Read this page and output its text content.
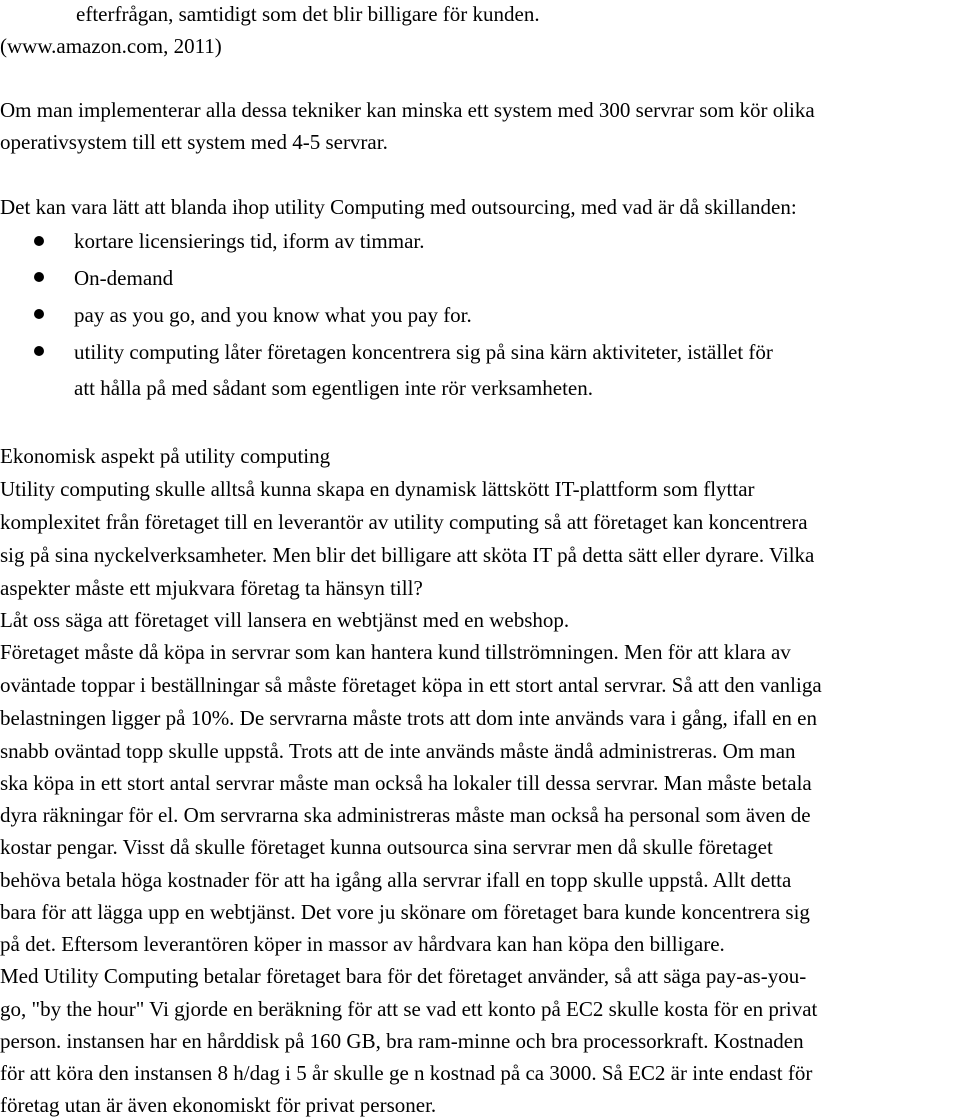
efterfrågan, samtidigt som det blir billigare för kunden.
(www.amazon.com, 2011)
Om man implementerar alla dessa tekniker kan minska ett system med 300 servrar som kör olika
operativsystem till ett system med 4-5 servrar.
Det kan vara lätt att blanda ihop utility Computing med outsourcing, med vad är då skillanden:
kortare licensierings tid, iform av timmar.
On-demand
pay as you go, and you know what you pay for.
utility computing låter företagen koncentrera sig på sina kärn aktiviteter, istället för
att hålla på med sådant som egentligen inte rör verksamheten.
Ekonomisk aspekt på utility computing
Utility computing skulle alltså kunna skapa en dynamisk lättskött IT-plattform som flyttar
komplexitet från företaget till en leverantör av utility computing så att företaget kan koncentrera
sig på sina nyckelverksamheter. Men blir det billigare att sköta IT på detta sätt eller dyrare. Vilka
aspekter måste ett mjukvara företag ta hänsyn till?
Låt oss säga att företaget vill lansera en webtjänst med en webshop.
Företaget måste då köpa in servrar som kan hantera kund tillströmningen. Men för att klara av
oväntade toppar i beställningar så måste företaget köpa in ett stort antal servrar. Så att den vanliga
belastningen ligger på 10%. De servrarna måste trots att dom inte används vara i gång, ifall en en
snabb oväntad topp skulle uppstå. Trots att de inte används måste ändå administreras. Om man
ska köpa in ett stort antal servrar måste man också ha lokaler till dessa servrar. Man måste betala
dyra räkningar för el. Om servrarna ska administreras måste man också ha personal som även de
kostar pengar. Visst då skulle företaget kunna outsourca sina servrar men då skulle företaget
behöva betala höga kostnader för att ha igång alla servrar ifall en topp skulle uppstå. Allt detta
bara för att lägga upp en webtjänst. Det vore ju skönare om företaget bara kunde koncentrera sig
på det. Eftersom leverantören köper in massor av hårdvara kan han köpa den billigare.
Med Utility Computing betalar företaget bara för det företaget använder, så att säga pay-as-you-
go, "by the hour" Vi gjorde en beräkning för att se vad ett konto på EC2 skulle kosta för en privat
person. instansen har en hårddisk på 160 GB, bra ram-minne och bra processorkraft. Kostnaden
för att köra den instansen 8 h/dag i 5 år skulle ge n kostnad på ca 3000. Så EC2 är inte endast för
företag utan är även ekonomiskt för privat personer.
